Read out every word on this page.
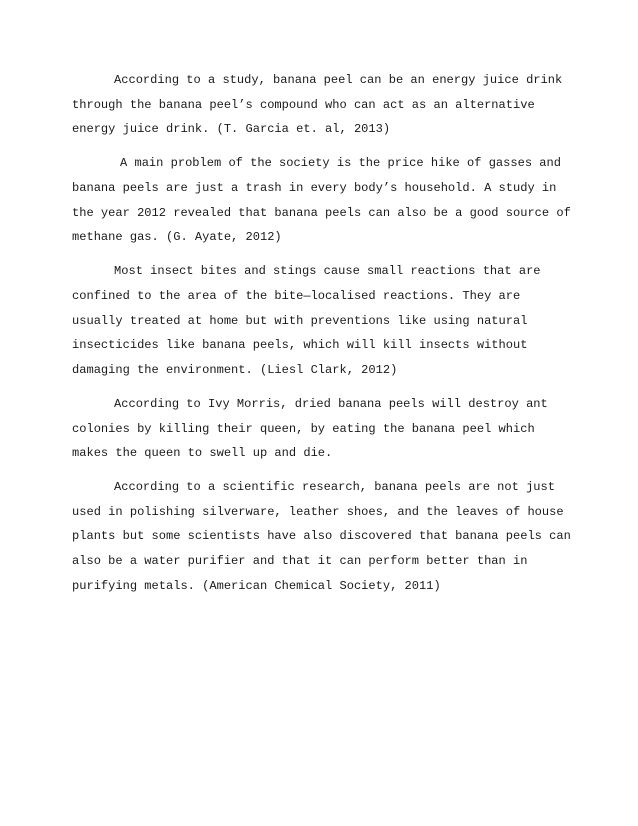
According to a study, banana peel can be an energy juice drink through the banana peel’s compound who can act as an alternative energy juice drink. (T. Garcia et. al, 2013)

A main problem of the society is the price hike of gasses and banana peels are just a trash in every body’s household. A study in the year 2012 revealed that banana peels can also be a good source of methane gas. (G. Ayate, 2012)

Most insect bites and stings cause small reactions that are confined to the area of the bite—localised reactions. They are usually treated at home but with preventions like using natural insecticides like banana peels, which will kill insects without damaging the environment. (Liesl Clark, 2012)

According to Ivy Morris, dried banana peels will destroy ant colonies by killing their queen, by eating the banana peel which makes the queen to swell up and die.

According to a scientific research, banana peels are not just used in polishing silverware, leather shoes, and the leaves of house plants but some scientists have also discovered that banana peels can also be a water purifier and that it can perform better than in purifying metals. (American Chemical Society, 2011)
